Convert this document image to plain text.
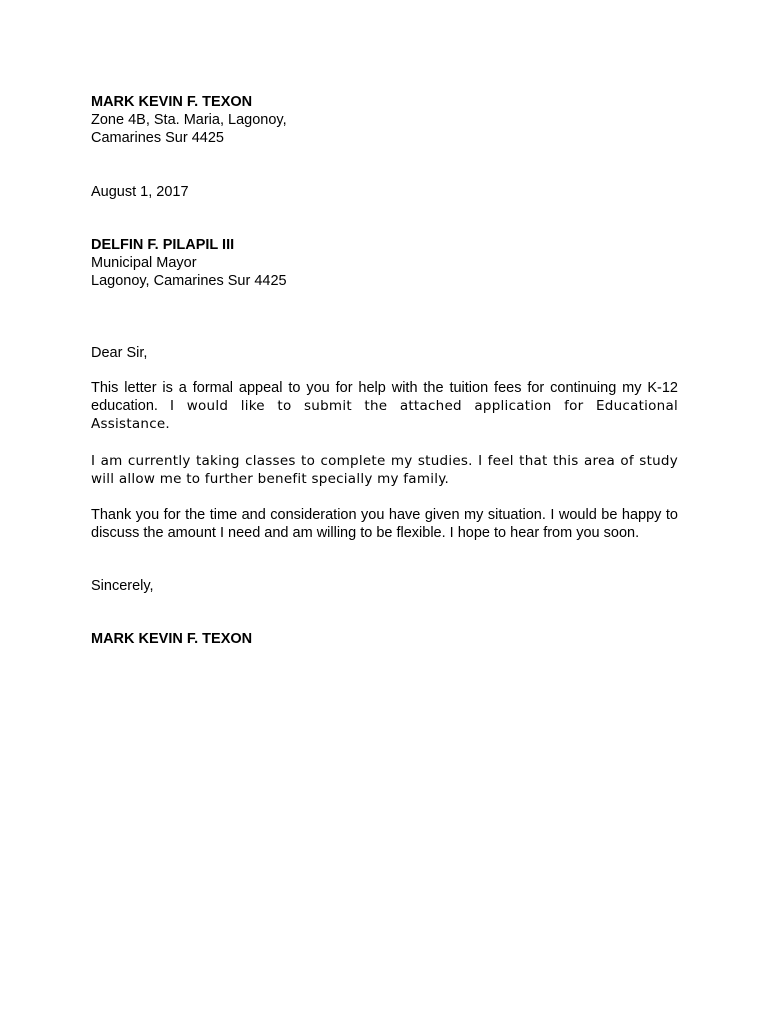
MARK KEVIN F. TEXON
Zone 4B, Sta. Maria, Lagonoy,
Camarines Sur 4425
August 1, 2017
DELFIN F. PILAPIL III
Municipal Mayor
Lagonoy, Camarines Sur 4425
Dear Sir,

This letter is a formal appeal to you for help with the tuition fees for continuing my K-12 education. I would like to submit the attached application for Educational Assistance.

I am currently taking classes to complete my studies. I feel that this area of study will allow me to further benefit specially my family.

Thank you for the time and consideration you have given my situation. I would be happy to discuss the amount I need and am willing to be flexible. I hope to hear from you soon.

Sincerely,
MARK KEVIN F. TEXON
